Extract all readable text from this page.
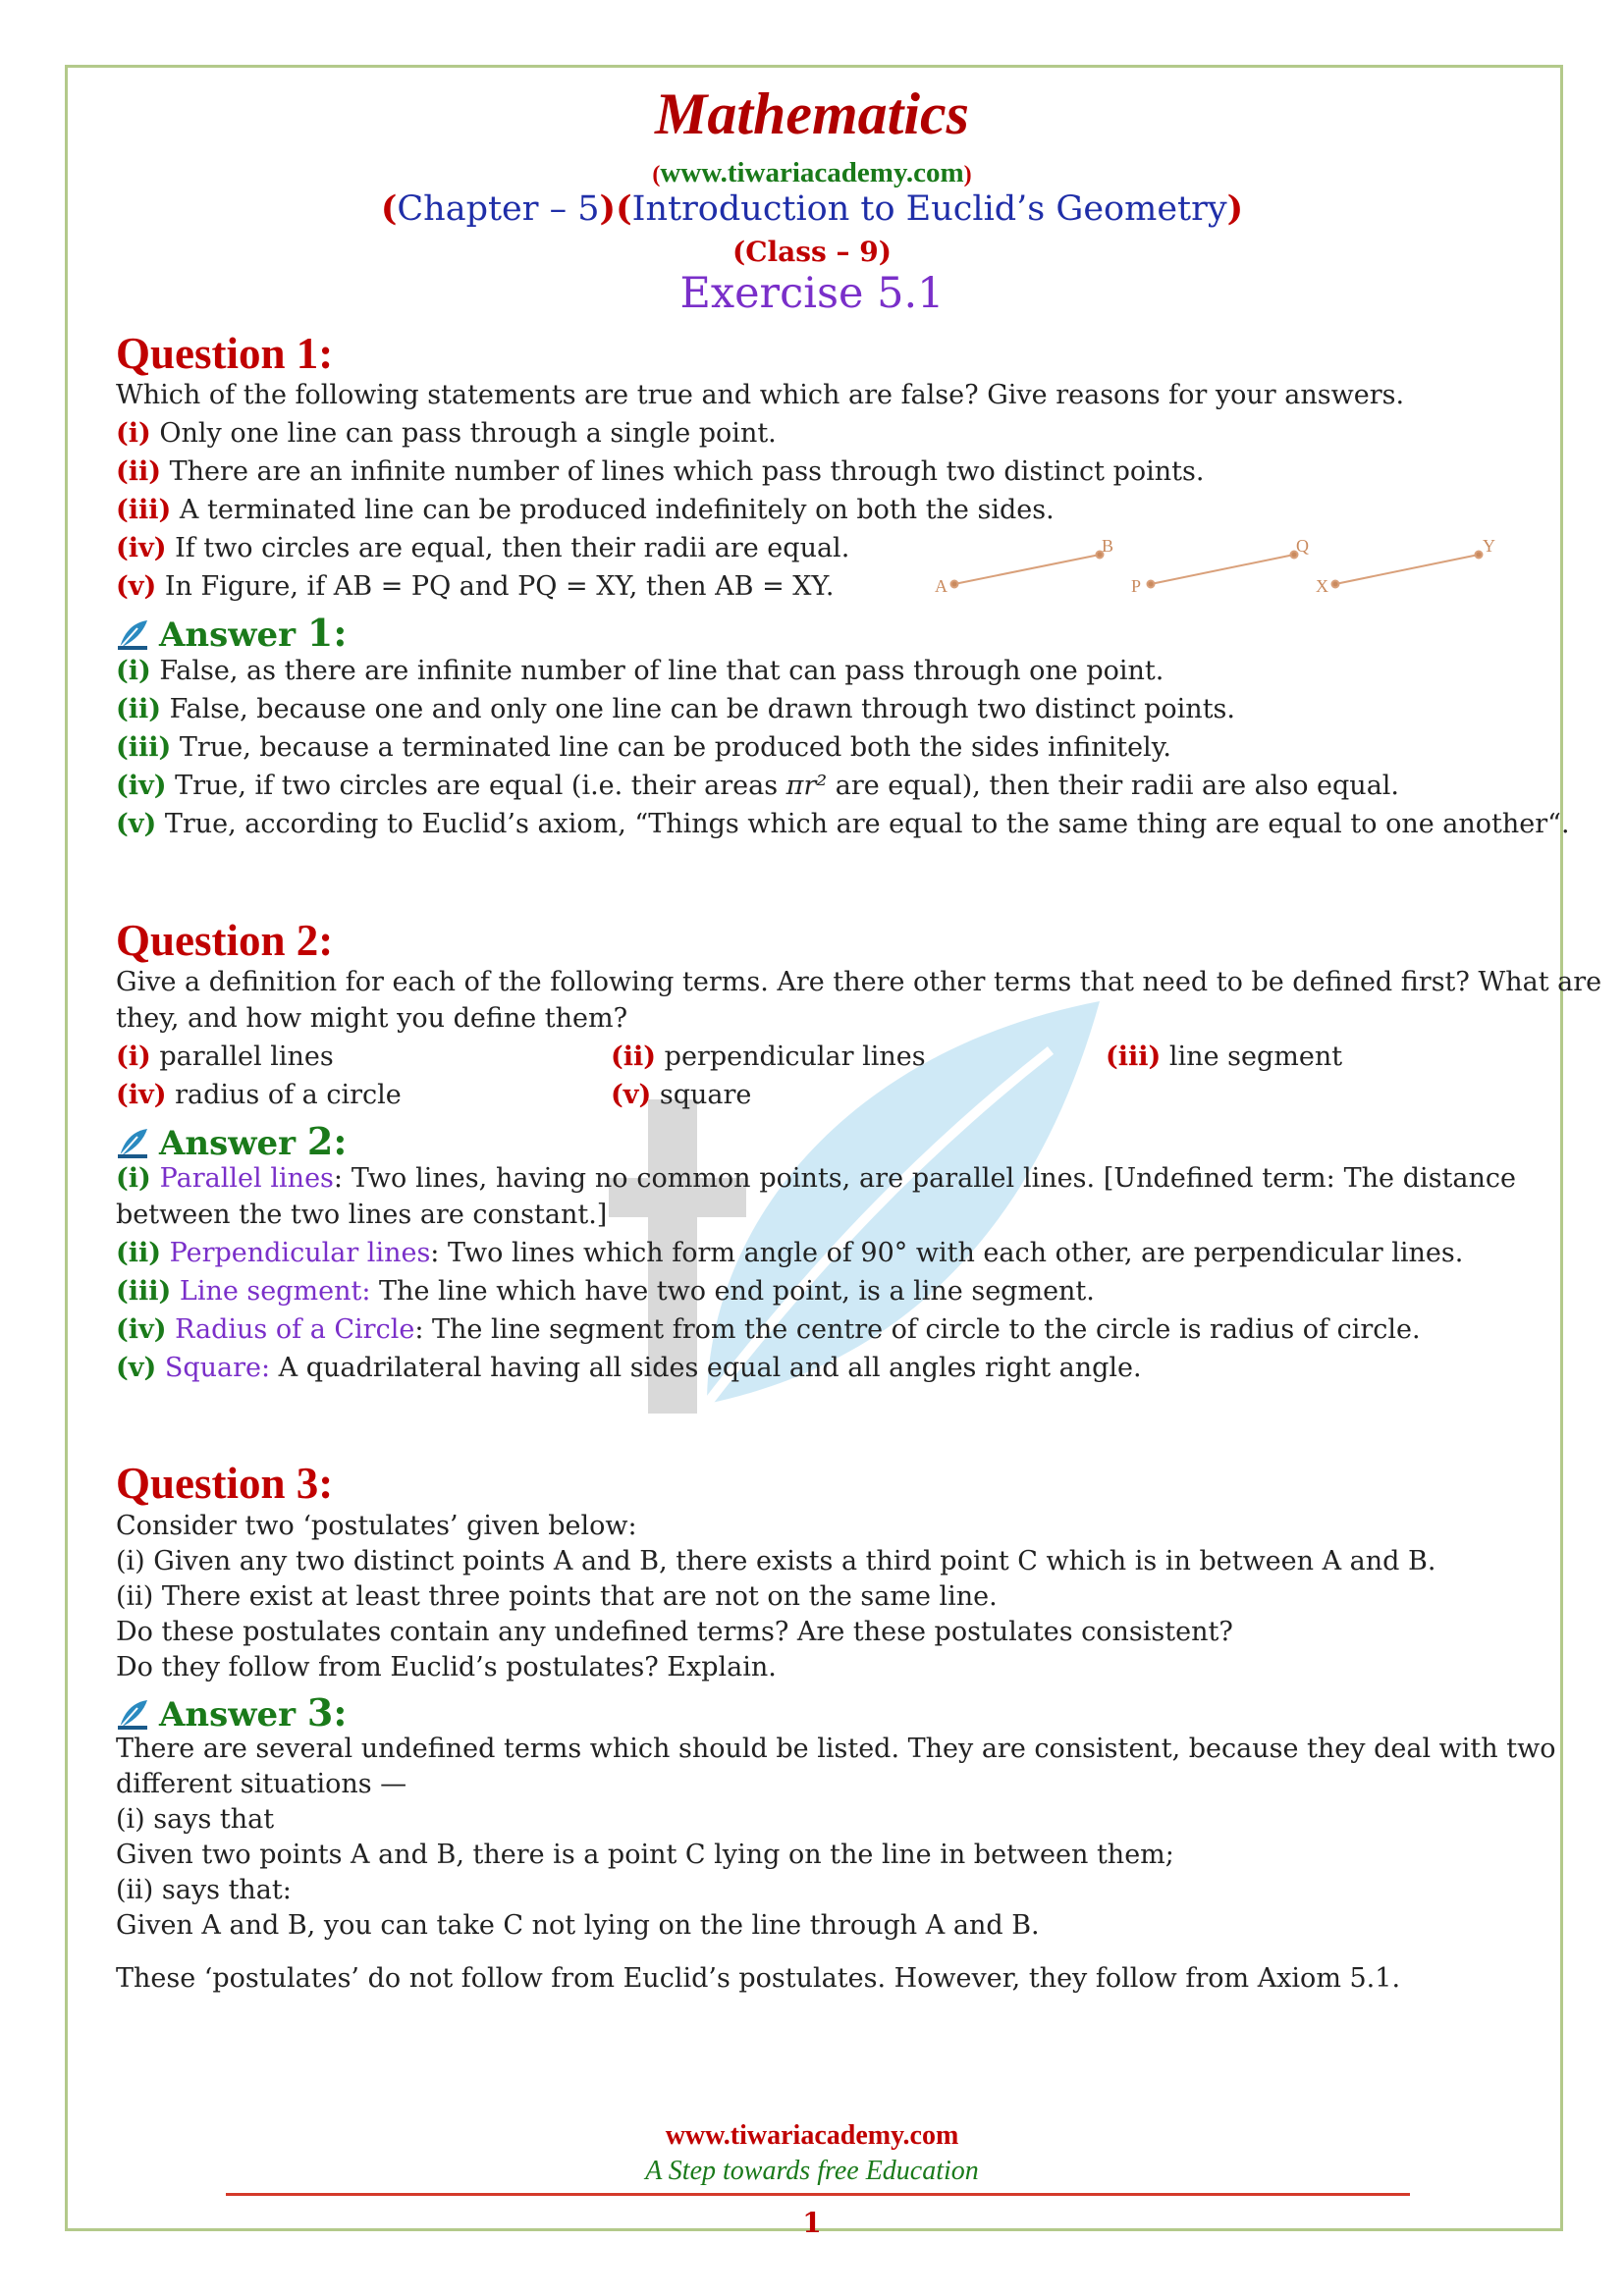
Mathematics
(www.tiwariacademy.com)
(Chapter – 5)(Introduction to Euclid’s Geometry)
(Class – 9)
Exercise 5.1
Question 1:
Which of the following statements are true and which are false? Give reasons for your answers.
(i) Only one line can pass through a single point.
(ii) There are an infinite number of lines which pass through two distinct points.
(iii) A terminated line can be produced indefinitely on both the sides.
(iv) If two circles are equal, then their radii are equal.
(v) In Figure, if AB = PQ and PQ = XY, then AB = XY.	A
B
P
Q
X
Y
Answer 1:
(i) False, as there are infinite number of line that can pass through one point.
(ii) False, because one and only one line can be drawn through two distinct points.
(iii) True, because a terminated line can be produced both the sides infinitely.
(iv) True, if two circles are equal (i.e. their areas πr² are equal), then their radii are also equal.
(v) True, according to Euclid’s axiom, “Things which are equal to the same thing are equal to one another“.
Question 2:
Give a definition for each of the following terms. Are there other terms that need to be defined first? What are
they, and how might you define them?
(i) parallel lines	(ii) perpendicular lines	(iii) line segment
(iv) radius of a circle	(v) square
Answer 2:
(i) Parallel lines: Two lines, having no common points, are parallel lines. [Undefined term: The distance
between the two lines are constant.]
(ii) Perpendicular lines: Two lines which form angle of 90° with each other, are perpendicular lines.
(iii) Line segment: The line which have two end point, is a line segment.
(iv) Radius of a Circle: The line segment from the centre of circle to the circle is radius of circle.
(v) Square: A quadrilateral having all sides equal and all angles right angle.
Question 3:
Consider two ‘postulates’ given below:
(i) Given any two distinct points A and B, there exists a third point C which is in between A and B.
(ii) There exist at least three points that are not on the same line.
Do these postulates contain any undefined terms? Are these postulates consistent?
Do they follow from Euclid’s postulates? Explain.
Answer 3:
There are several undefined terms which should be listed. They are consistent, because they deal with two
different situations —
(i) says that
Given two points A and B, there is a point C lying on the line in between them;
(ii) says that:
Given A and B, you can take C not lying on the line through A and B.
These ‘postulates’ do not follow from Euclid’s postulates. However, they follow from Axiom 5.1.
www.tiwariacademy.com
A Step towards free Education
1
